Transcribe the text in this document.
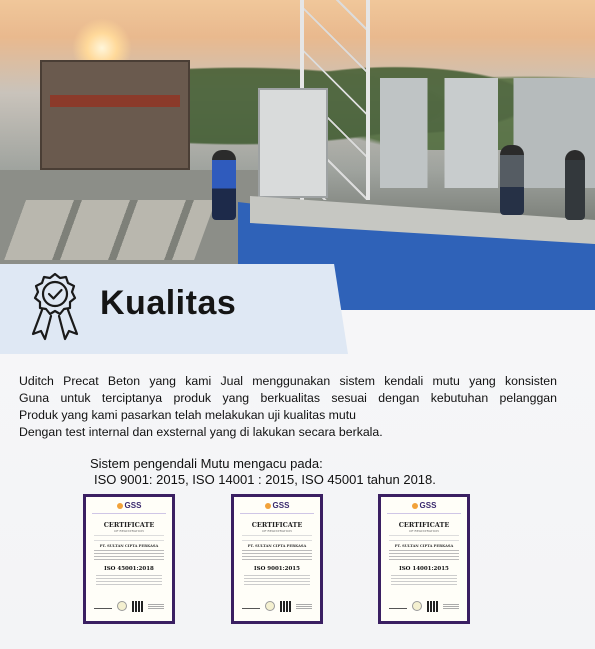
Kualitas
Uditch Precat Beton yang kami Jual menggunakan sistem kendali mutu yang konsisten
Guna untuk terciptanya produk yang berkualitas sesuai dengan kebutuhan pelanggan
Produk yang kami pasarkan telah melakukan uji kualitas mutu
Dengan test internal dan exsternal yang di lakukan secara berkala.
Sistem pengendali Mutu mengacu pada:
ISO 9001: 2015, ISO 14001 : 2015, ISO 45001 tahun 2018.
GSS
CERTIFICATE
OF REGISTRATION
PT. SULTAN CIPTA PERKASA
ISO 45001:2018
GSS
CERTIFICATE
OF REGISTRATION
PT. SULTAN CIPTA PERKASA
ISO 9001:2015
GSS
CERTIFICATE
OF REGISTRATION
PT. SULTAN CIPTA PERKASA
ISO 14001:2015
